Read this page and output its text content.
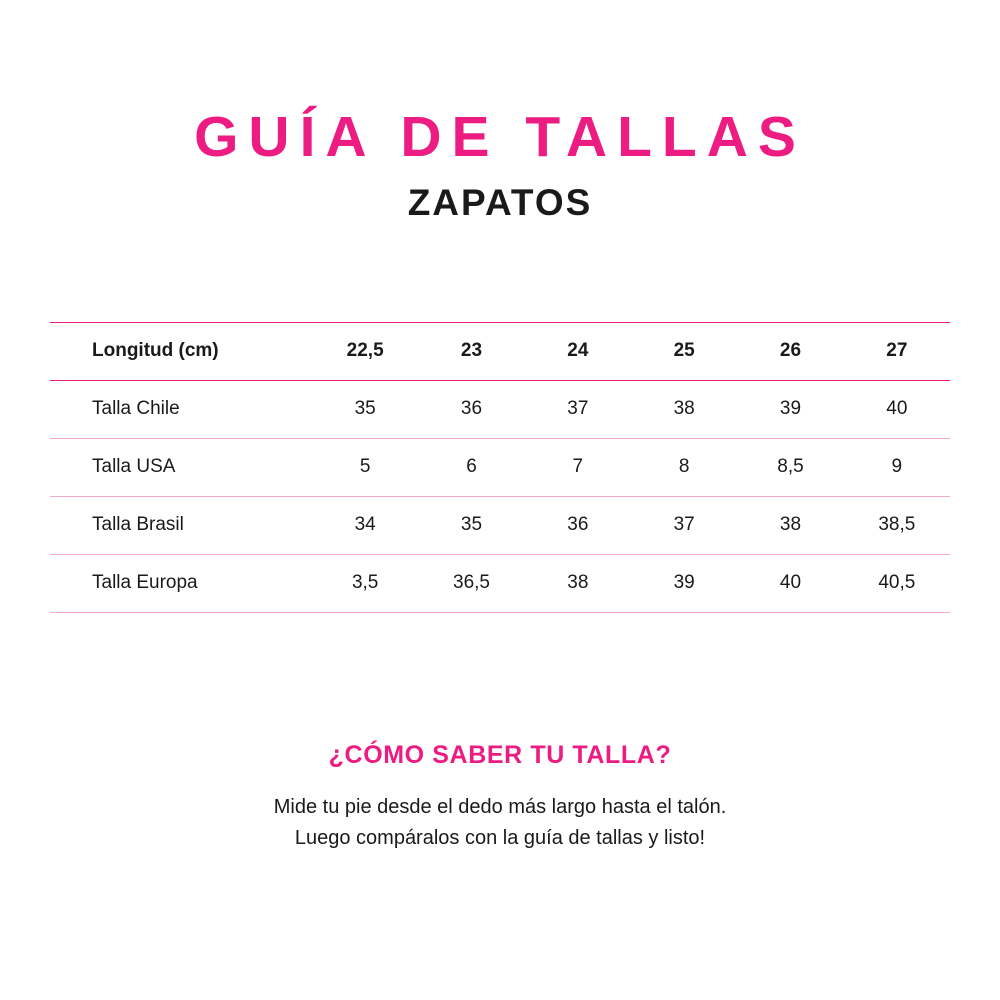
GUÍA DE TALLAS
ZAPATOS
Longitud (cm)	22,5	23	24	25	26	27
Talla Chile	35	36	37	38	39	40
Talla USA	5	6	7	8	8,5	9
Talla Brasil	34	35	36	37	38	38,5
Talla Europa	3,5	36,5	38	39	40	40,5
¿CÓMO SABER TU TALLA?
Mide tu pie desde el dedo más largo hasta el talón.
Luego compáralos con la guía de tallas y listo!
